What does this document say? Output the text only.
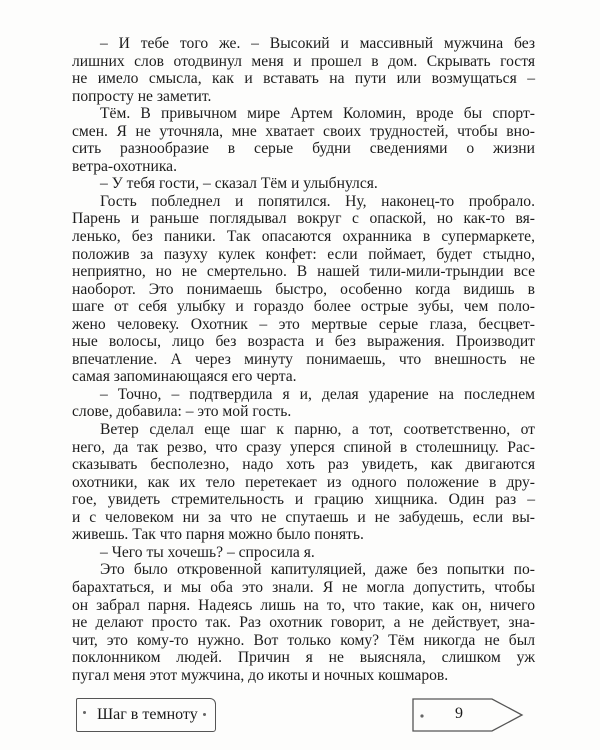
– И тебе того же. – Высокий и массивный мужчина без
лишних слов отодвинул меня и прошел в дом. Скрывать гостя
не имело смысла, как и вставать на пути или возмущаться –
попросту не заметит.
Тём. В привычном мире Артем Коломин, вроде бы спорт-
смен. Я не уточняла, мне хватает своих трудностей, чтобы вно-
сить разнообразие в серые будни сведениями о жизни
ветра-охотника.
– У тебя гости, – сказал Тём и улыбнулся.
Гость побледнел и попятился. Ну, наконец-то пробрало.
Парень и раньше поглядывал вокруг с опаской, но как-то вя-
ленько, без паники. Так опасаются охранника в супермаркете,
положив за пазуху кулек конфет: если поймает, будет стыдно,
неприятно, но не смертельно. В нашей тили-мили-трындии все
наоборот. Это понимаешь быстро, особенно когда видишь в
шаге от себя улыбку и гораздо более острые зубы, чем поло-
жено человеку. Охотник – это мертвые серые глаза, бесцвет-
ные волосы, лицо без возраста и без выражения. Производит
впечатление. А через минуту понимаешь, что внешность не
самая запоминающаяся его черта.
– Точно, – подтвердила я и, делая ударение на последнем
слове, добавила: – это мой гость.
Ветер сделал еще шаг к парню, а тот, соответственно, от
него, да так резво, что сразу уперся спиной в столешницу. Рас-
сказывать бесполезно, надо хоть раз увидеть, как двигаются
охотники, как их тело перетекает из одного положение в дру-
гое, увидеть стремительность и грацию хищника. Один раз –
и с человеком ни за что не спутаешь и не забудешь, если вы-
живешь. Так что парня можно было понять.
– Чего ты хочешь? – спросила я.
Это было откровенной капитуляцией, даже без попытки по-
барахтаться, и мы оба это знали. Я не могла допустить, чтобы
он забрал парня. Надеясь лишь на то, что такие, как он, ничего
не делают просто так. Раз охотник говорит, а не действует, зна-
чит, это кому-то нужно. Вот только кому? Тём никогда не был
поклонником людей. Причин я не выясняла, слишком уж
пугал меня этот мужчина, до икоты и ночных кошмаров.
Шаг в темноту	9
